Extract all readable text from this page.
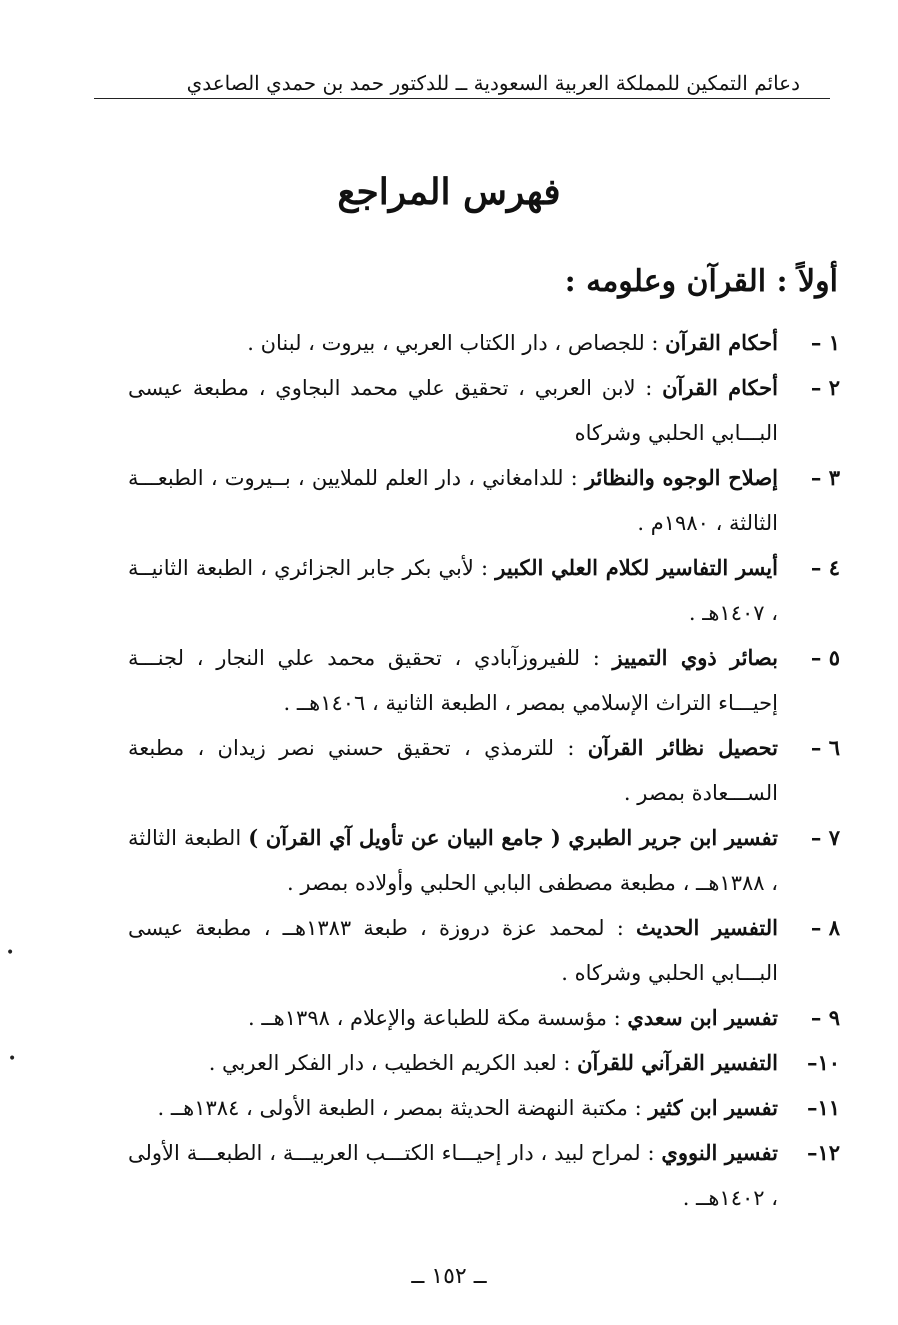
دعائم التمكين للمملكة العربية السعودية ــ للدكتور حمد بن حمدي الصاعدي
فهرس المراجع
أولاً : القرآن وعلومه :
١ –
أحكام القرآن : للجصاص ، دار الكتاب العربي ، بيروت ، لبنان .
٢ –
أحكام القرآن : لابن العربي ، تحقيق علي محمد البجاوي ، مطبعة عيسى البـــابي الحلبي وشركاه
٣ –
إصلاح الوجوه والنظائر : للدامغاني ، دار العلم للملايين ، بــيروت ، الطبعـــة الثالثة ، ١٩٨٠م .
٤ –
أيسر التفاسير لكلام العلي الكبير : لأبي بكر جابر الجزائري ، الطبعة الثانيــة ، ١٤٠٧هـ .
٥ –
بصائر ذوي التمييز : للفيروزآبادي ، تحقيق محمد علي النجار ، لجنـــة إحيـــاء التراث الإسلامي بمصر ، الطبعة الثانية ، ١٤٠٦هــ .
٦ –
تحصيل نظائر القرآن : للترمذي ، تحقيق حسني نصر زيدان ، مطبعة الســـعادة بمصر .
٧ –
تفسير ابن جرير الطبري ( جامع البيان عن تأويل آي القرآن ) الطبعة الثالثة ، ١٣٨٨هــ ، مطبعة مصطفى البابي الحلبي وأولاده بمصر .
٨ –
التفسير الحديث : لمحمد عزة دروزة ، طبعة ١٣٨٣هــ ، مطبعة عيسى البـــابي الحلبي وشركاه .
٩ –
تفسير ابن سعدي : مؤسسة مكة للطباعة والإعلام ، ١٣٩٨هــ .
١٠–
التفسير القرآني للقرآن : لعبد الكريم الخطيب ، دار الفكر العربي .
١١–
تفسير ابن كثير : مكتبة النهضة الحديثة بمصر ، الطبعة الأولى ، ١٣٨٤هــ .
١٢–
تفسير النووي : لمراح لبيد ، دار إحيـــاء الكتـــب العربيـــة ، الطبعـــة الأولى ، ١٤٠٢هــ .
ــ ١٥٢ ــ
•
•
